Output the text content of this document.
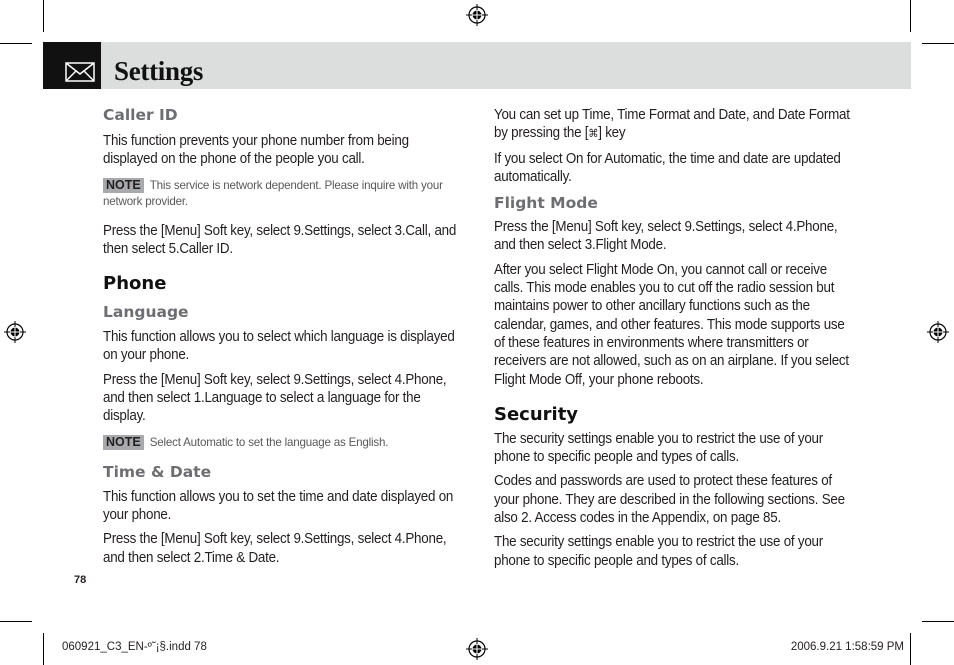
Settings
Caller ID

This function prevents your phone number from being displayed on the phone of the people you call.

NOTE This service is network dependent. Please inquire with your network provider.

Press the [Menu] Soft key, select 9.Settings, select 3.Call, and then select 5.Caller ID.

Phone
Language

This function allows you to select which language is displayed on your phone.

Press the [Menu] Soft key, select 9.Settings, select 4.Phone, and then select 1.Language to select a language for the display.

NOTE Select Automatic to set the language as English.

Time & Date

This function allows you to set the time and date displayed on your phone.

Press the [Menu] Soft key, select 9.Settings, select 4.Phone, and then select 2.Time & Date.

You can set up Time, Time Format and Date, and Date Format by pressing the [⌘] key

If you select On for Automatic, the time and date are updated automatically.

Flight Mode

Press the [Menu] Soft key, select 9.Settings, select 4.Phone, and then select 3.Flight Mode.

After you select Flight Mode On, you cannot call or receive calls. This mode enables you to cut off the radio session but maintains power to other ancillary functions such as the calendar, games, and other features. This mode supports use of these features in environments where transmitters or receivers are not allowed, such as on an airplane. If you select Flight Mode Off, your phone reboots.

Security

The security settings enable you to restrict the use of your phone to specific people and types of calls.

Codes and passwords are used to protect these features of your phone. They are described in the following sections. See also 2. Access codes in the Appendix, on page 85.

The security settings enable you to restrict the use of your phone to specific people and types of calls.

78
060921_C3_EN-º˜¡§.indd 78	2006.9.21 1:58:59 PM
